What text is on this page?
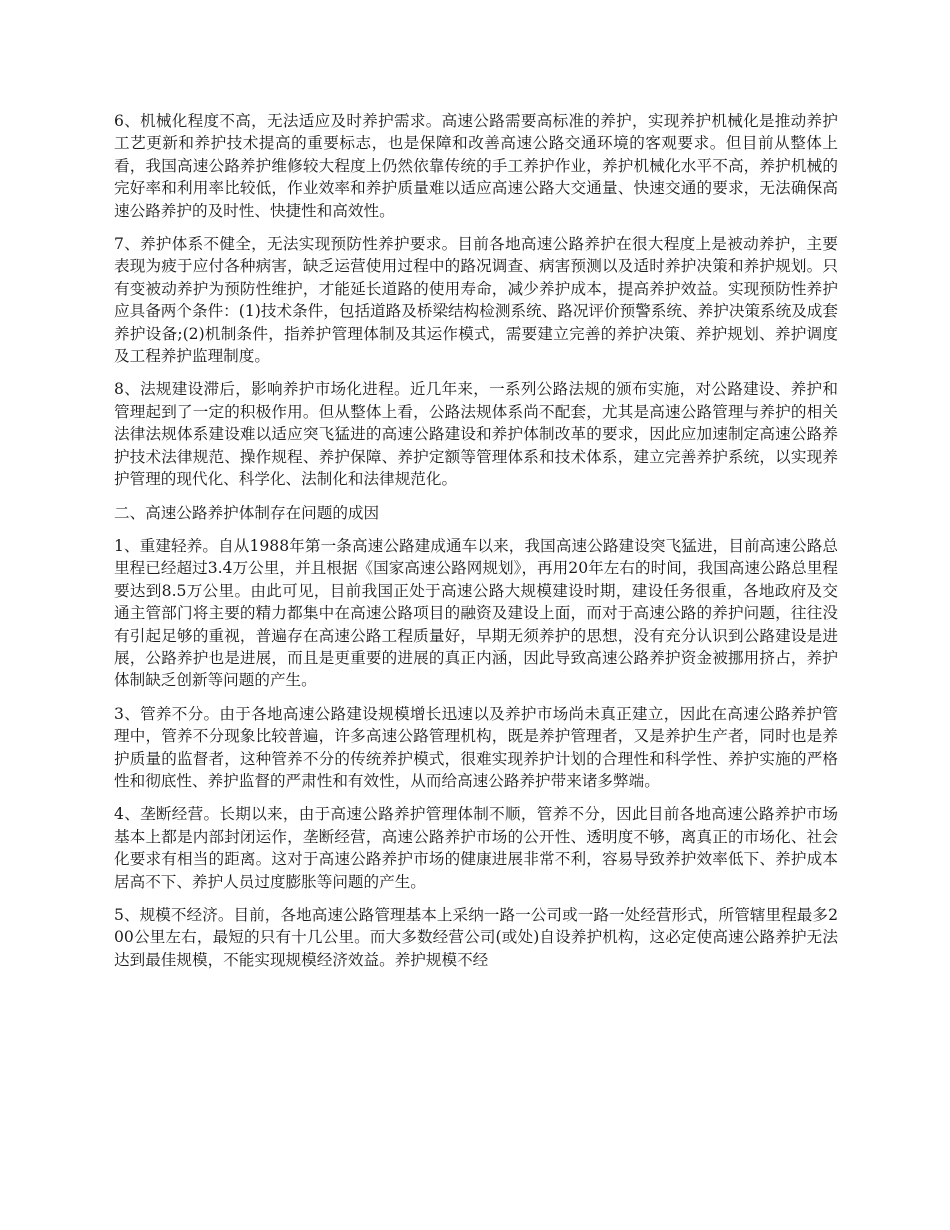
6、机械化程度不高，无法适应及时养护需求。高速公路需要高标准的养护，实现养护机械化是推动养护工艺更新和养护技术提高的重要标志，也是保障和改善高速公路交通环境的客观要求。但目前从整体上看，我国高速公路养护维修较大程度上仍然依靠传统的手工养护作业，养护机械化水平不高，养护机械的完好率和利用率比较低，作业效率和养护质量难以适应高速公路大交通量、快速交通的要求，无法确保高速公路养护的及时性、快捷性和高效性。

7、养护体系不健全，无法实现预防性养护要求。目前各地高速公路养护在很大程度上是被动养护，主要表现为疲于应付各种病害，缺乏运营使用过程中的路况调查、病害预测以及适时养护决策和养护规划。只有变被动养护为预防性维护，才能延长道路的使用寿命，减少养护成本，提高养护效益。实现预防性养护应具备两个条件：(1)技术条件，包括道路及桥梁结构检测系统、路况评价预警系统、养护决策系统及成套养护设备;(2)机制条件，指养护管理体制及其运作模式，需要建立完善的养护决策、养护规划、养护调度及工程养护监理制度。

8、法规建设滞后，影响养护市场化进程。近几年来，一系列公路法规的颁布实施，对公路建设、养护和管理起到了一定的积极作用。但从整体上看，公路法规体系尚不配套，尤其是高速公路管理与养护的相关法律法规体系建设难以适应突飞猛进的高速公路建设和养护体制改革的要求，因此应加速制定高速公路养护技术法律规范、操作规程、养护保障、养护定额等管理体系和技术体系，建立完善养护系统，以实现养护管理的现代化、科学化、法制化和法律规范化。

二、高速公路养护体制存在问题的成因

1、重建轻养。自从1988年第一条高速公路建成通车以来，我国高速公路建设突飞猛进，目前高速公路总里程已经超过3.4万公里，并且根据《国家高速公路网规划》，再用20年左右的时间，我国高速公路总里程要达到8.5万公里。由此可见，目前我国正处于高速公路大规模建设时期，建设任务很重，各地政府及交通主管部门将主要的精力都集中在高速公路项目的融资及建设上面，而对于高速公路的养护问题，往往没有引起足够的重视，普遍存在高速公路工程质量好，早期无须养护的思想，没有充分认识到公路建设是进展，公路养护也是进展，而且是更重要的进展的真正内涵，因此导致高速公路养护资金被挪用挤占，养护体制缺乏创新等问题的产生。

3、管养不分。由于各地高速公路建设规模增长迅速以及养护市场尚未真正建立，因此在高速公路养护管理中，管养不分现象比较普遍，许多高速公路管理机构，既是养护管理者，又是养护生产者，同时也是养护质量的监督者，这种管养不分的传统养护模式，很难实现养护计划的合理性和科学性、养护实施的严格性和彻底性、养护监督的严肃性和有效性，从而给高速公路养护带来诸多弊端。

4、垄断经营。长期以来，由于高速公路养护管理体制不顺，管养不分，因此目前各地高速公路养护市场基本上都是内部封闭运作，垄断经营，高速公路养护市场的公开性、透明度不够，离真正的市场化、社会化要求有相当的距离。这对于高速公路养护市场的健康进展非常不利，容易导致养护效率低下、养护成本居高不下、养护人员过度膨胀等问题的产生。

5、规模不经济。目前，各地高速公路管理基本上采纳一路一公司或一路一处经营形式，所管辖里程最多200公里左右，最短的只有十几公里。而大多数经营公司(或处)自设养护机构，这必定使高速公路养护无法达到最佳规模，不能实现规模经济效益。养护规模不经
